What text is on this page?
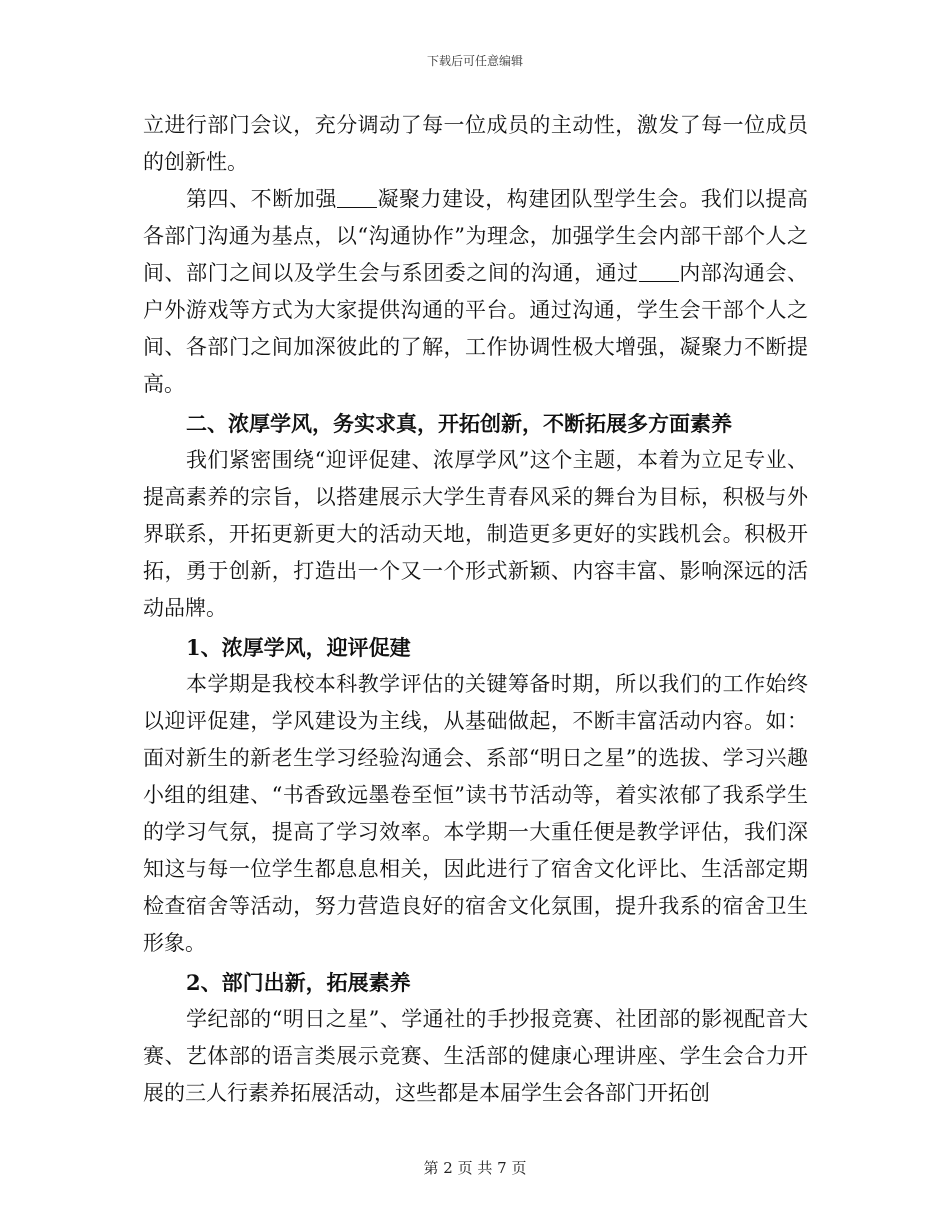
下载后可任意编辑

立进行部门会议，充分调动了每一位成员的主动性，激发了每一位成员的创新性。

第四、不断加强 凝聚力建设，构建团队型学生会。我们以提高各部门沟通为基点，以“沟通协作”为理念，加强学生会内部干部个人之间、部门之间以及学生会与系团委之间的沟通，通过 内部沟通会、户外游戏等方式为大家提供沟通的平台。通过沟通，学生会干部个人之间、各部门之间加深彼此的了解，工作协调性极大增强，凝聚力不断提高。

二、浓厚学风，务实求真，开拓创新，不断拓展多方面素养

我们紧密围绕“迎评促建、浓厚学风”这个主题，本着为立足专业、提高素养的宗旨，以搭建展示大学生青春风采的舞台为目标，积极与外界联系，开拓更新更大的活动天地，制造更多更好的实践机会。积极开拓，勇于创新，打造出一个又一个形式新颖、内容丰富、影响深远的活动品牌。

1、浓厚学风，迎评促建

本学期是我校本科教学评估的关键筹备时期，所以我们的工作始终以迎评促建，学风建设为主线，从基础做起，不断丰富活动内容。如：面对新生的新老生学习经验沟通会、系部“明日之星”的选拔、学习兴趣小组的组建、“书香致远墨卷至恒”读书节活动等，着实浓郁了我系学生的学习气氛，提高了学习效率。本学期一大重任便是教学评估，我们深知这与每一位学生都息息相关，因此进行了宿舍文化评比、生活部定期检查宿舍等活动，努力营造良好的宿舍文化氛围，提升我系的宿舍卫生形象。

2、部门出新，拓展素养

学纪部的“明日之星”、学通社的手抄报竞赛、社团部的影视配音大赛、艺体部的语言类展示竞赛、生活部的健康心理讲座、学生会合力开展的三人行素养拓展活动，这些都是本届学生会各部门开拓创

第 2 页 共 7 页
